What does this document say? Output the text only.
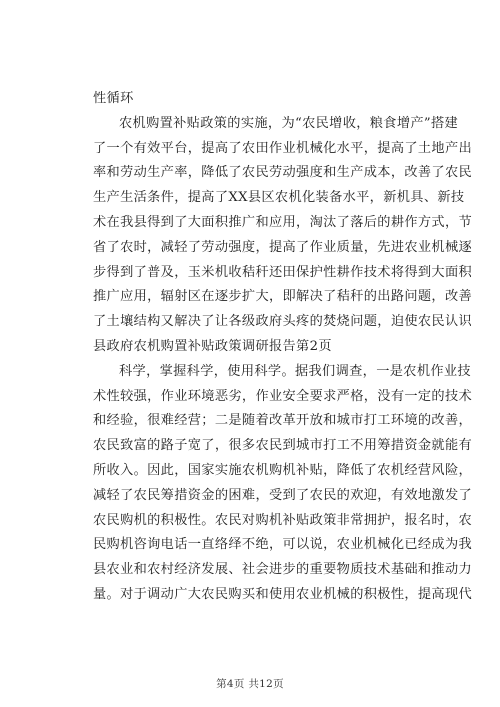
性循环
农机购置补贴政策的实施，为“农民增收，粮食增产”搭建
了一个有效平台，提高了农田作业机械化水平，提高了土地产出
率和劳动生产率，降低了农民劳动强度和生产成本，改善了农民
生产生活条件，提高了XX县区农机化装备水平，新机具、新技
术在我县得到了大面积推广和应用，淘汰了落后的耕作方式，节
省了农时，减轻了劳动强度，提高了作业质量，先进农业机械逐
步得到了普及，玉米机收秸秆还田保护性耕作技术将得到大面积
推广应用，辐射区在逐步扩大，即解决了秸秆的出路问题，改善
了土壤结构又解决了让各级政府头疼的焚烧问题，迫使农民认识
县政府农机购置补贴政策调研报告第2页
科学，掌握科学，使用科学。据我们调查，一是农机作业技
术性较强，作业环境恶劣，作业安全要求严格，没有一定的技术
和经验，很难经营；二是随着改革开放和城市打工环境的改善，
农民致富的路子宽了，很多农民到城市打工不用筹措资金就能有
所收入。因此，国家实施农机购机补贴，降低了农机经营风险，
减轻了农民筹措资金的困难，受到了农民的欢迎，有效地激发了
农民购机的积极性。农民对购机补贴政策非常拥护，报名时，农
民购机咨询电话一直络绎不绝，可以说，农业机械化已经成为我
县农业和农村经济发展、社会进步的重要物质技术基础和推动力
量。对于调动广大农民购买和使用农业机械的积极性，提高现代
第4页 共12页
